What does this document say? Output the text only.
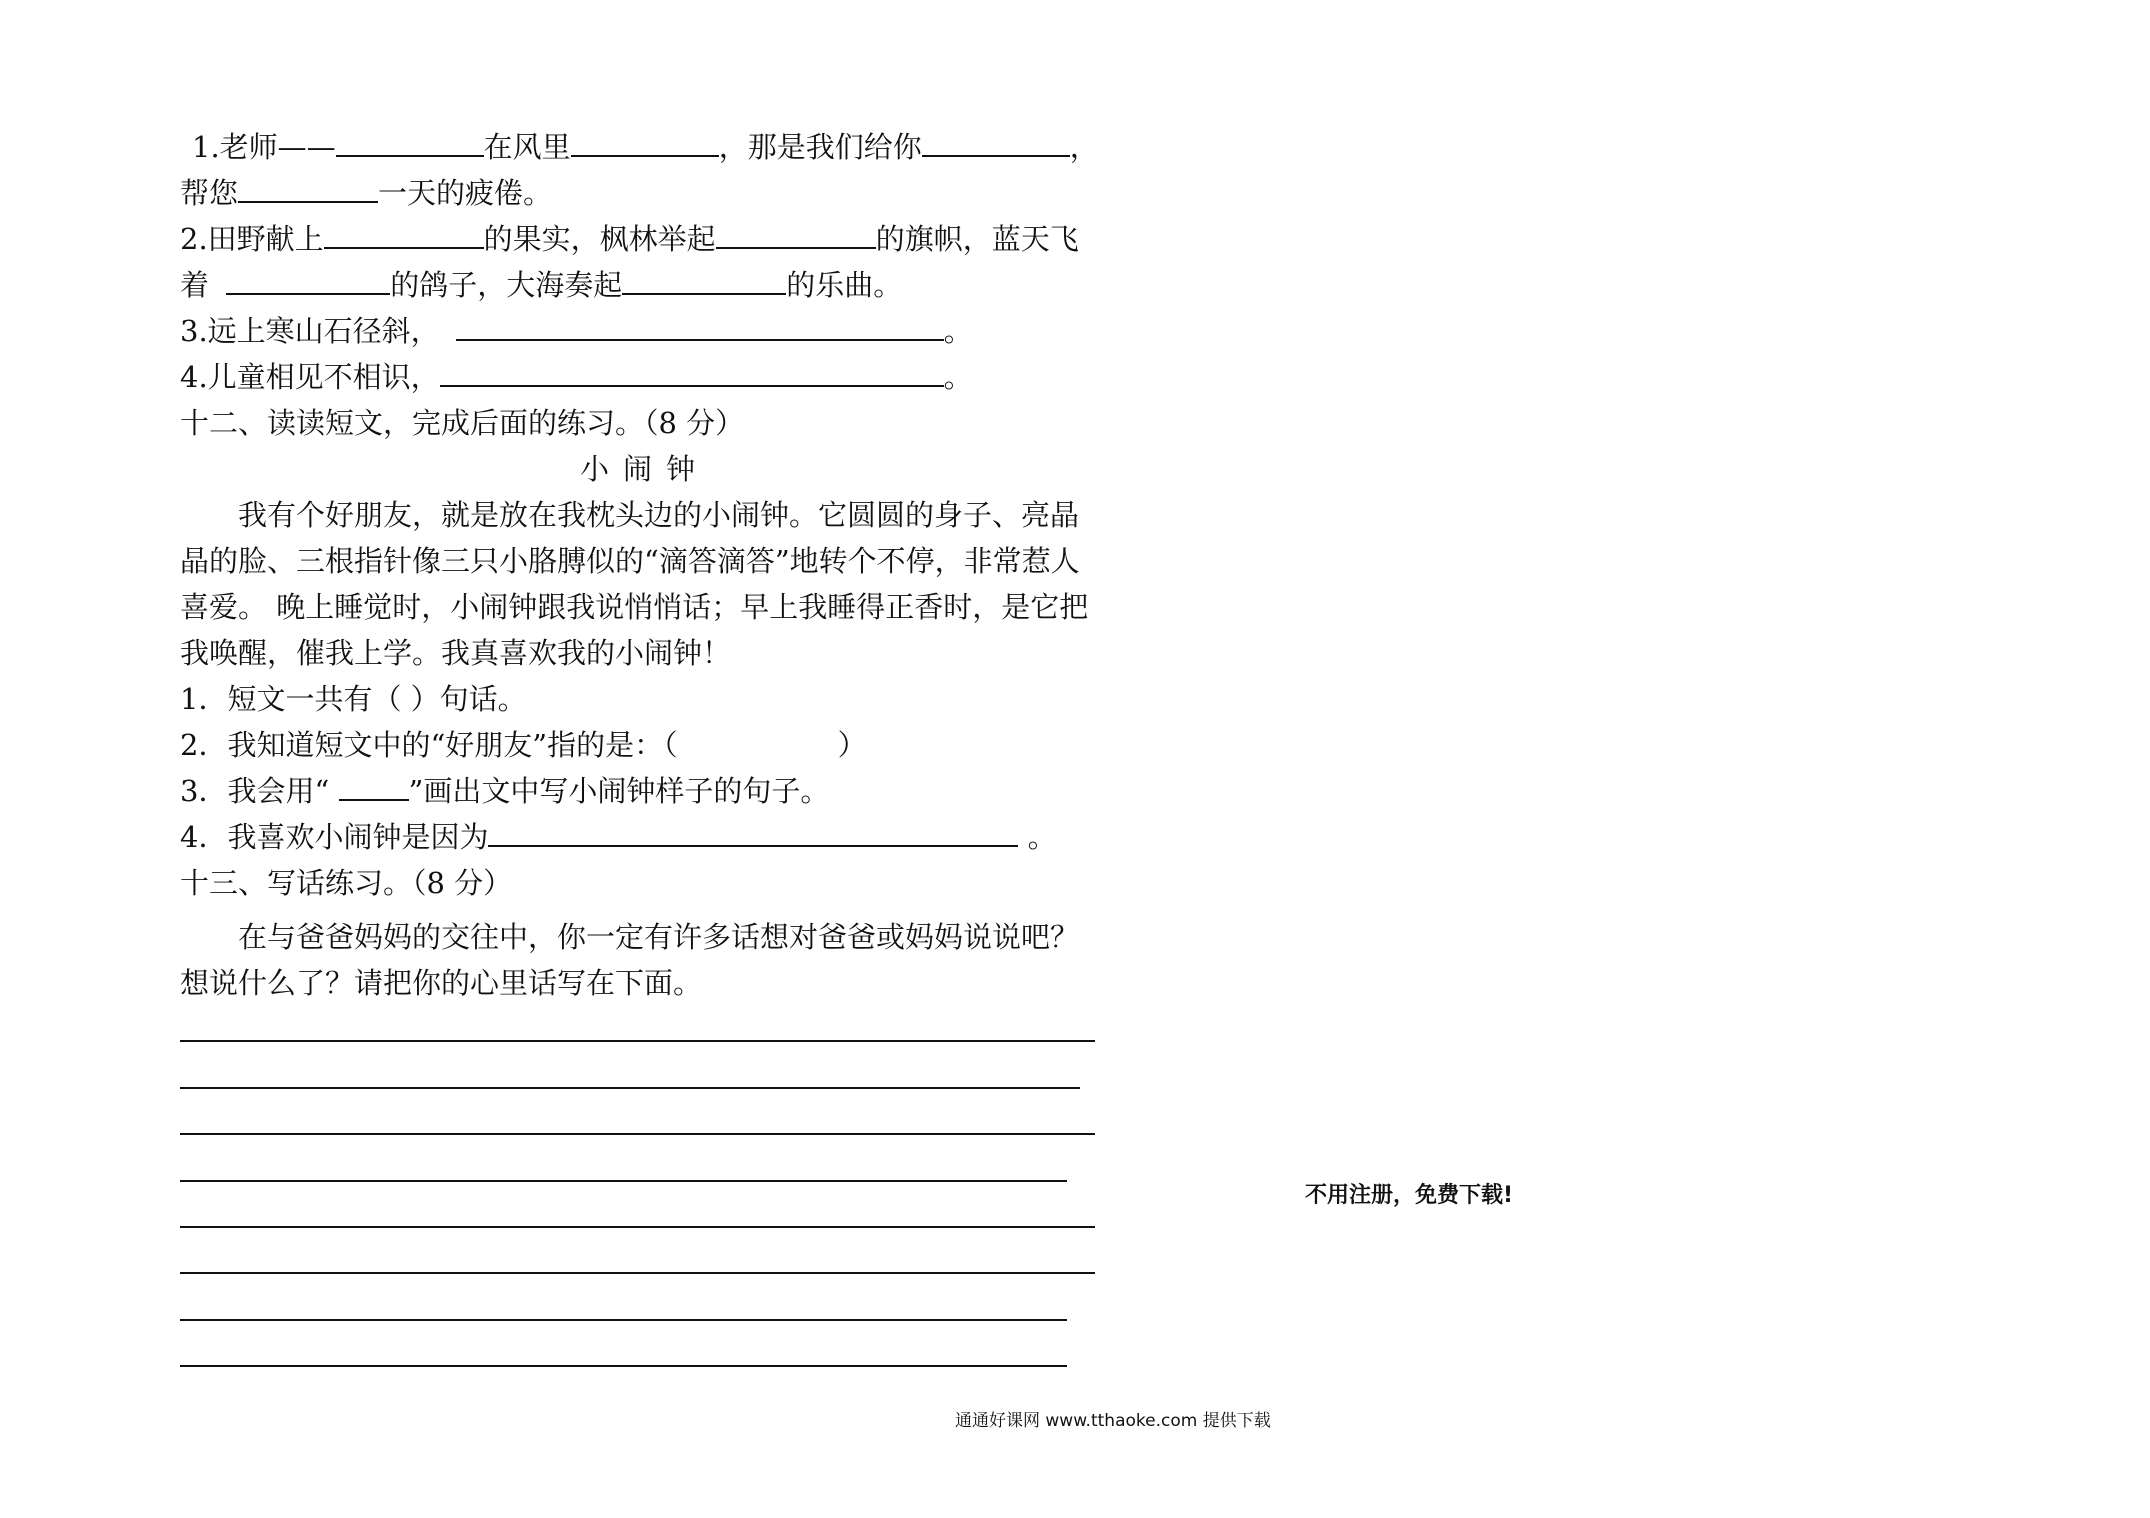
1.老师——	在风里	，那是我们给你	，
帮您	一天的疲倦。
2.田野献上	的果实，枫林举起	的旗帜，蓝天飞
着	的鸽子，大海奏起	的乐曲。
3.远上寒山石径斜，	。
4.儿童相见不相识，	。
十二、读读短文，完成后面的练习。（8 分）
小闹钟
我有个好朋友，就是放在我枕头边的小闹钟。它圆圆的身子、亮晶
晶的脸、三根指针像三只小胳膊似的“滴答滴答”地转个不停，非常惹人
喜爱。 晚上睡觉时，小闹钟跟我说悄悄话；早上我睡得正香时，是它把
我唤醒，催我上学。我真喜欢我的小闹钟！
1．短文一共有（ ）句话。
2．我知道短文中的“好朋友”指的是：（	）
3．我会用“ ”画出文中写小闹钟样子的句子。
4．我喜欢小闹钟是因为	。
十三、写话练习。（8 分）
在与爸爸妈妈的交往中，你一定有许多话想对爸爸或妈妈说说吧？
想说什么了？请把你的心里话写在下面。
不用注册，免费下载!
通通好课网 www.tthaoke.com 提供下载
